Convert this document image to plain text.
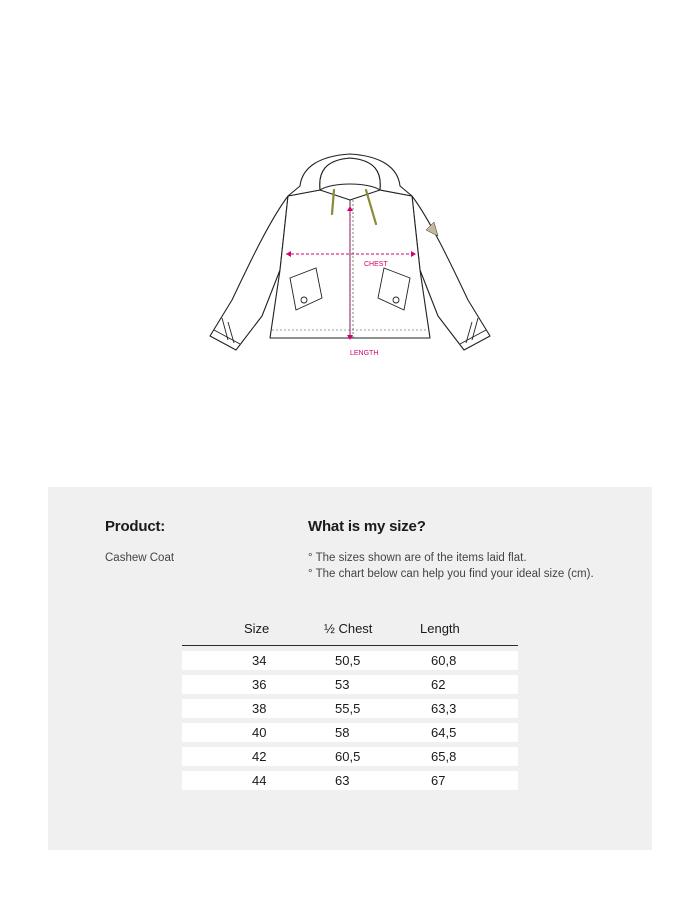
CHEST
LENGTH
Product:
Cashew Coat
What is my size?
° The sizes shown are of the items laid flat.
° The chart below can help you find your ideal size (cm).
Size	½ Chest	Length
34	50,5	60,8
36	53	62
38	55,5	63,3
40	58	64,5
42	60,5	65,8
44	63	67
